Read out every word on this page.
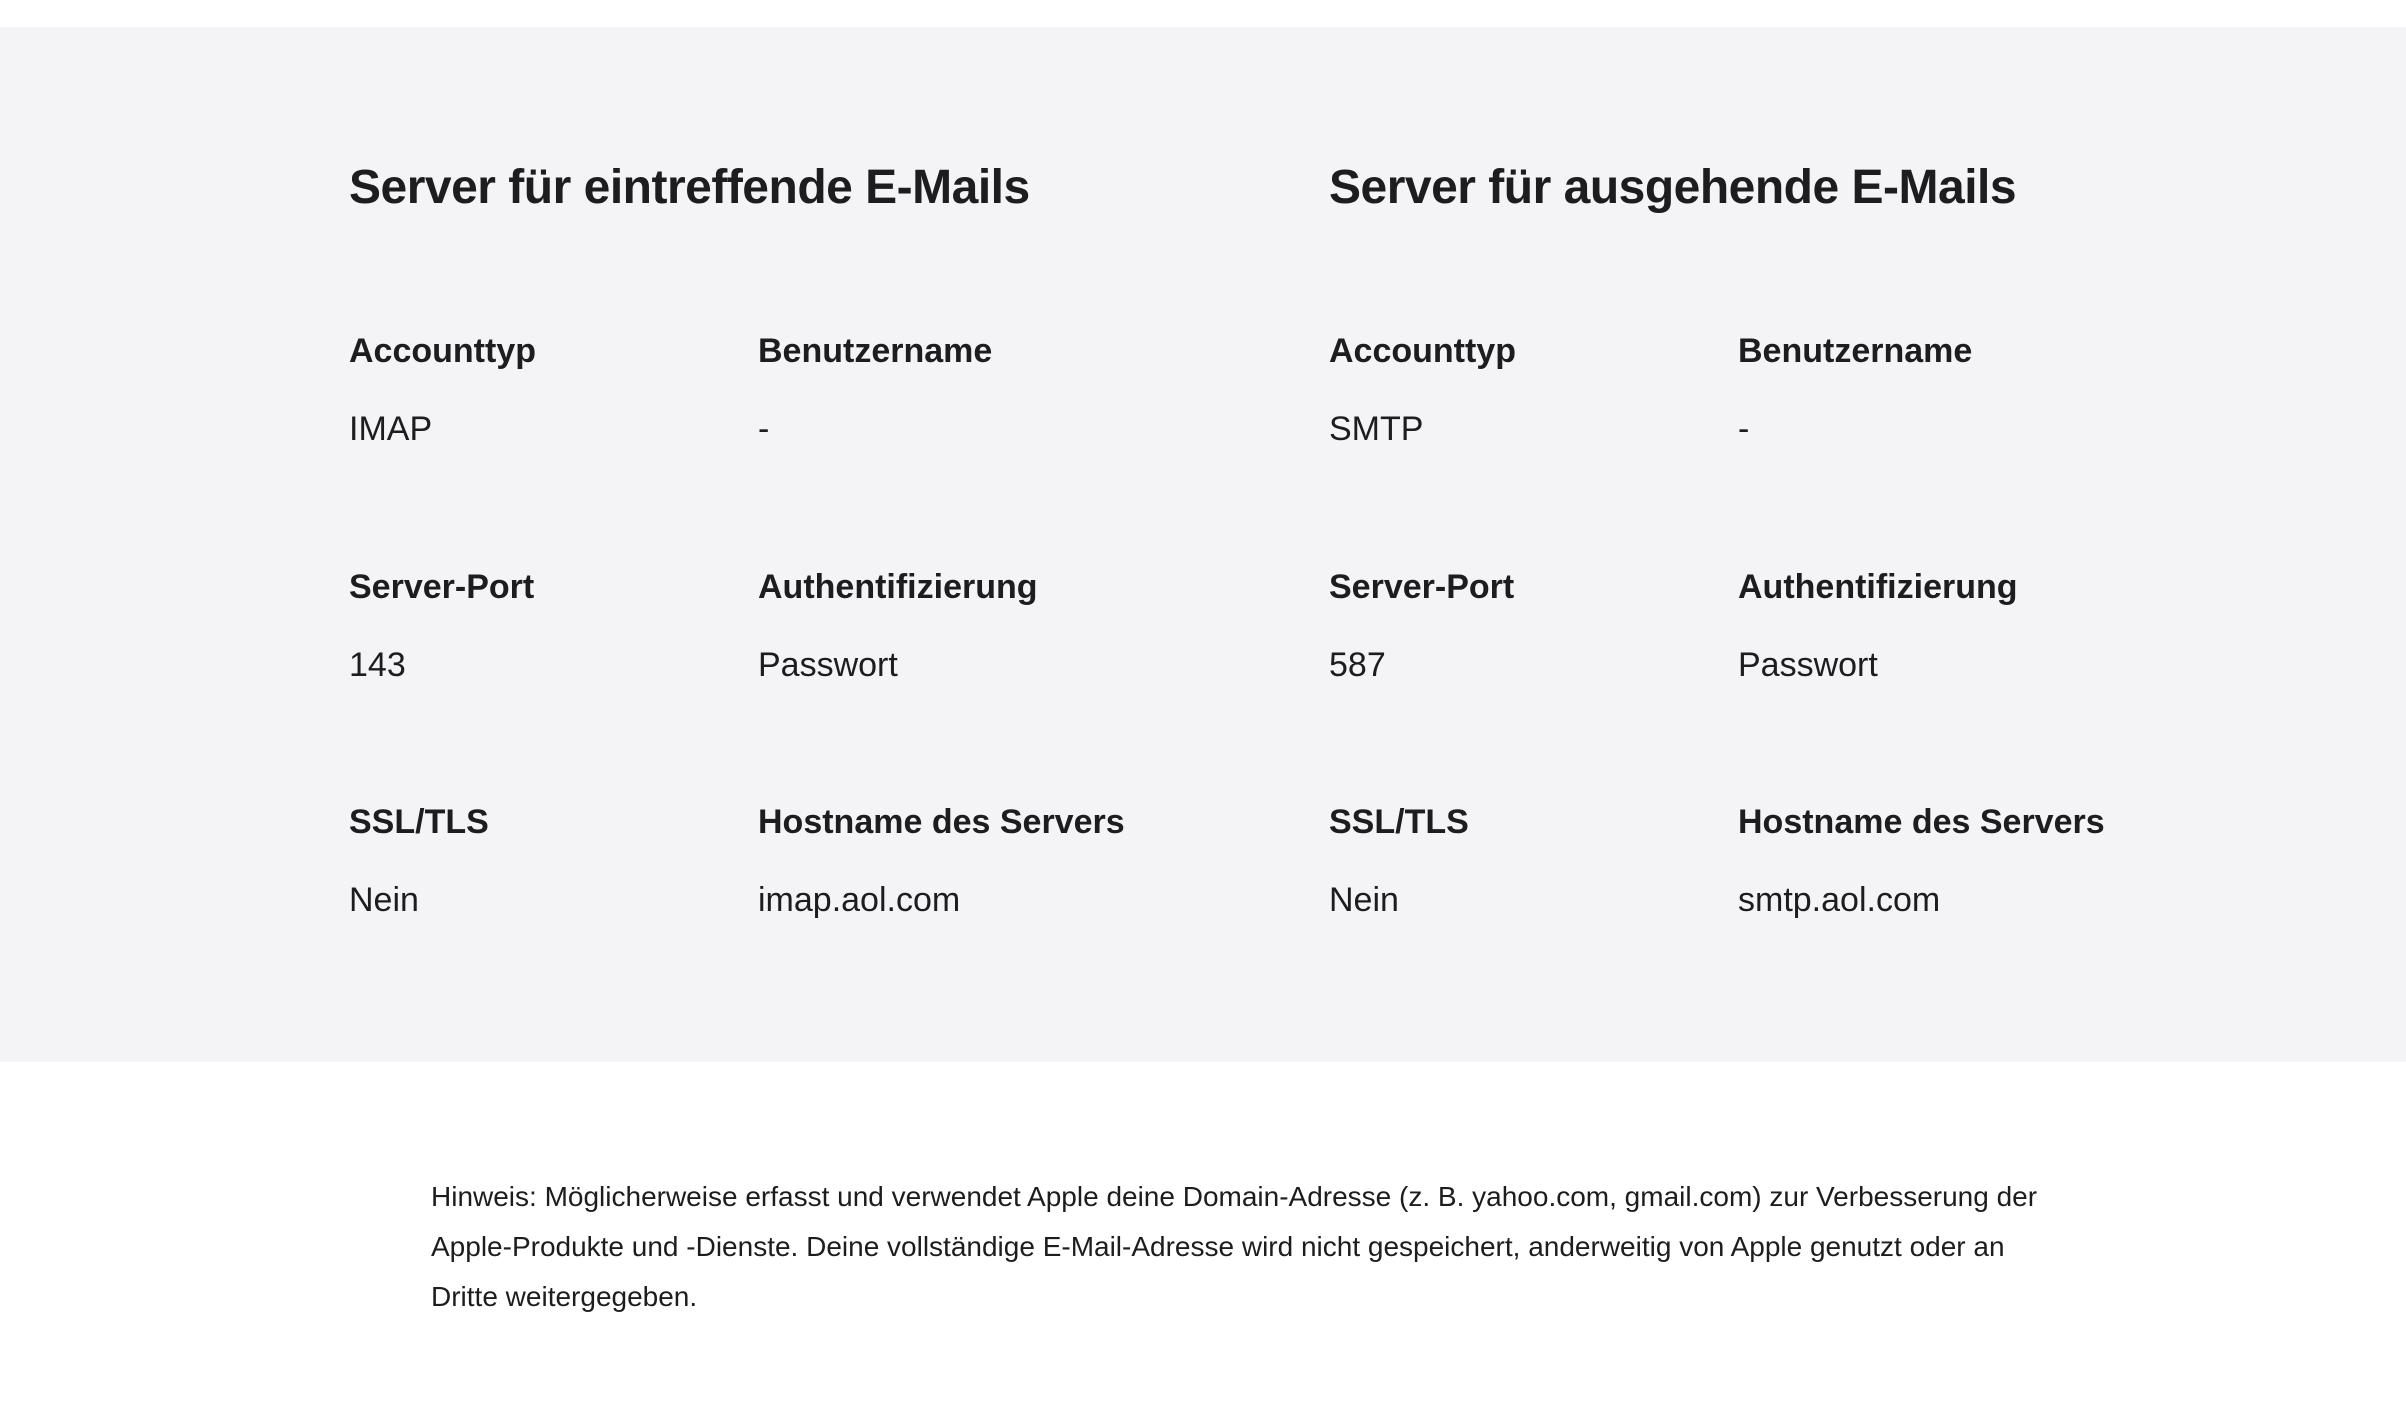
Server für eintreffende E-Mails
Accounttyp
IMAP
Benutzername
-
Server-Port
143
Authentifizierung
Passwort
SSL/TLS
Nein
Hostname des Servers
imap.aol.com
Server für ausgehende E-Mails
Accounttyp
SMTP
Benutzername
-
Server-Port
587
Authentifizierung
Passwort
SSL/TLS
Nein
Hostname des Servers
smtp.aol.com

Hinweis: Möglicherweise erfasst und verwendet Apple deine Domain-Adresse (z. B. yahoo.com, gmail.com) zur Verbesserung der Apple-Produkte und -Dienste. Deine vollständige E-Mail-Adresse wird nicht gespeichert, anderweitig von Apple genutzt oder an Dritte weitergegeben.
